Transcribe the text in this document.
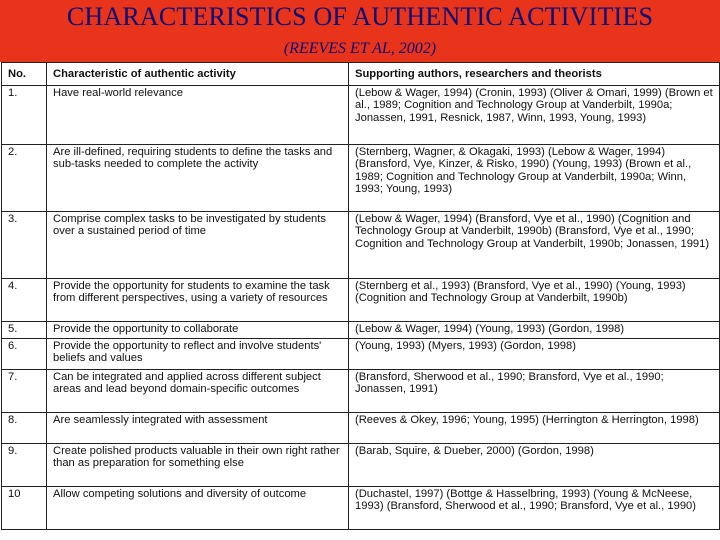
CHARACTERISTICS OF AUTHENTIC ACTIVITIES
(REEVES ET AL, 2002)
No.	Characteristic of authentic activity	Supporting authors, researchers and theorists
1.	Have real-world relevance	(Lebow & Wager, 1994) (Cronin, 1993) (Oliver & Omari, 1999) (Brown et al., 1989; Cognition and Technology Group at Vanderbilt, 1990a; Jonassen, 1991, Resnick, 1987, Winn, 1993, Young, 1993)
2.	Are ill-defined, requiring students to define the tasks and sub-tasks needed to complete the activity	(Sternberg, Wagner, & Okagaki, 1993) (Lebow & Wager, 1994) (Bransford, Vye, Kinzer, & Risko, 1990) (Young, 1993) (Brown et al., 1989; Cognition and Technology Group at Vanderbilt, 1990a; Winn, 1993; Young, 1993)
3.	Comprise complex tasks to be investigated by students over a sustained period of time	(Lebow & Wager, 1994) (Bransford, Vye et al., 1990) (Cognition and Technology Group at Vanderbilt, 1990b) (Bransford, Vye et al., 1990; Cognition and Technology Group at Vanderbilt, 1990b; Jonassen, 1991)
4.	Provide the opportunity for students to examine the task from different perspectives, using a variety of resources	(Sternberg et al., 1993) (Bransford, Vye et al., 1990) (Young, 1993) (Cognition and Technology Group at Vanderbilt, 1990b)
5.	Provide the opportunity to collaborate	(Lebow & Wager, 1994) (Young, 1993) (Gordon, 1998)
6.	Provide the opportunity to reflect and involve students' beliefs and values	(Young, 1993) (Myers, 1993) (Gordon, 1998)
7.	Can be integrated and applied across different subject areas and lead beyond domain-specific outcomes	(Bransford, Sherwood et al., 1990; Bransford, Vye et al., 1990; Jonassen, 1991)
8.	Are seamlessly integrated with assessment	(Reeves & Okey, 1996; Young, 1995) (Herrington & Herrington, 1998)
9.	Create polished products valuable in their own right rather than as preparation for something else	(Barab, Squire, & Dueber, 2000) (Gordon, 1998)
10	Allow competing solutions and diversity of outcome	(Duchastel, 1997) (Bottge & Hasselbring, 1993) (Young & McNeese, 1993) (Bransford, Sherwood et al., 1990; Bransford, Vye et al., 1990)
